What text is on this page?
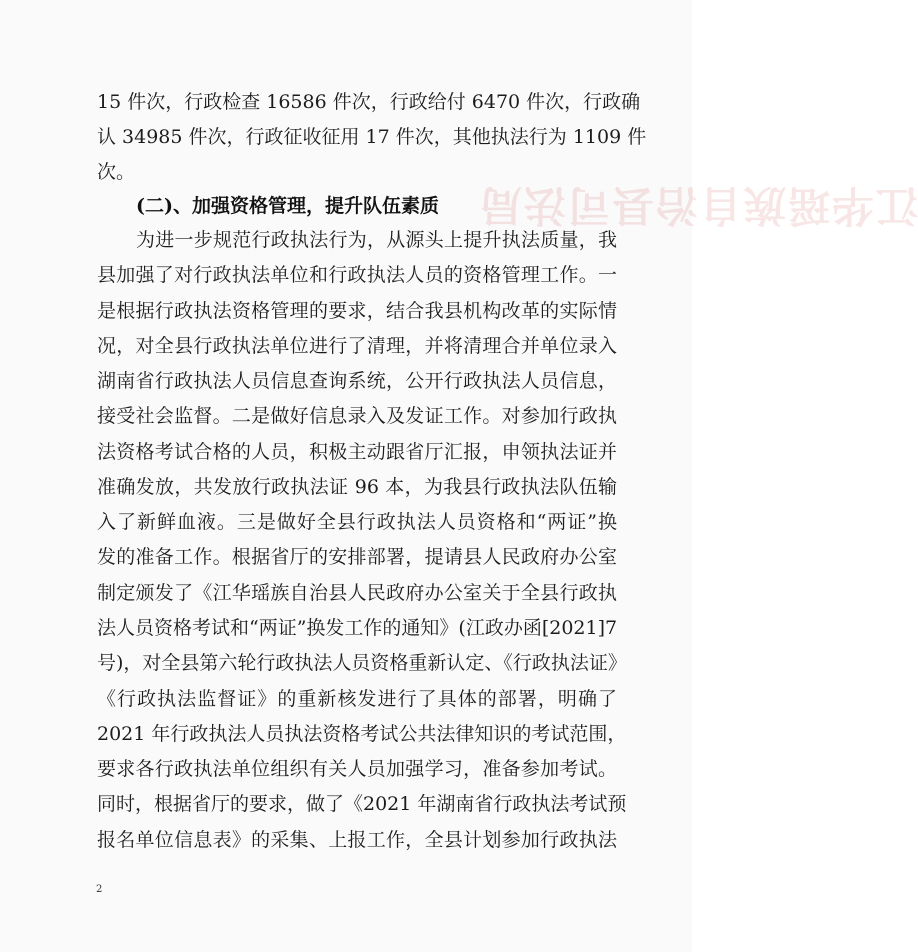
江华瑶族自治县司法局
15 件次，行政检查 16586 件次，行政给付 6470 件次，行政确
认 34985 件次，行政征收征用 17 件次，其他执法行为 1109 件
次。
(二)、加强资格管理，提升队伍素质
为进一步规范行政执法行为，从源头上提升执法质量，我
县加强了对行政执法单位和行政执法人员的资格管理工作。一
是根据行政执法资格管理的要求，结合我县机构改革的实际情
况，对全县行政执法单位进行了清理，并将清理合并单位录入
湖南省行政执法人员信息查询系统，公开行政执法人员信息，
接受社会监督。二是做好信息录入及发证工作。对参加行政执
法资格考试合格的人员，积极主动跟省厅汇报，申领执法证并
准确发放，共发放行政执法证 96 本，为我县行政执法队伍输
入了新鲜血液。三是做好全县行政执法人员资格和“两证”换
发的准备工作。根据省厅的安排部署，提请县人民政府办公室
制定颁发了《江华瑶族自治县人民政府办公室关于全县行政执
法人员资格考试和“两证”换发工作的通知》(江政办函[2021]7
号)，对全县第六轮行政执法人员资格重新认定、《行政执法证》
《行政执法监督证》的重新核发进行了具体的部署，明确了
2021 年行政执法人员执法资格考试公共法律知识的考试范围，
要求各行政执法单位组织有关人员加强学习，准备参加考试。
同时，根据省厅的要求，做了《2021 年湖南省行政执法考试预
报名单位信息表》的采集、上报工作，全县计划参加行政执法
2
